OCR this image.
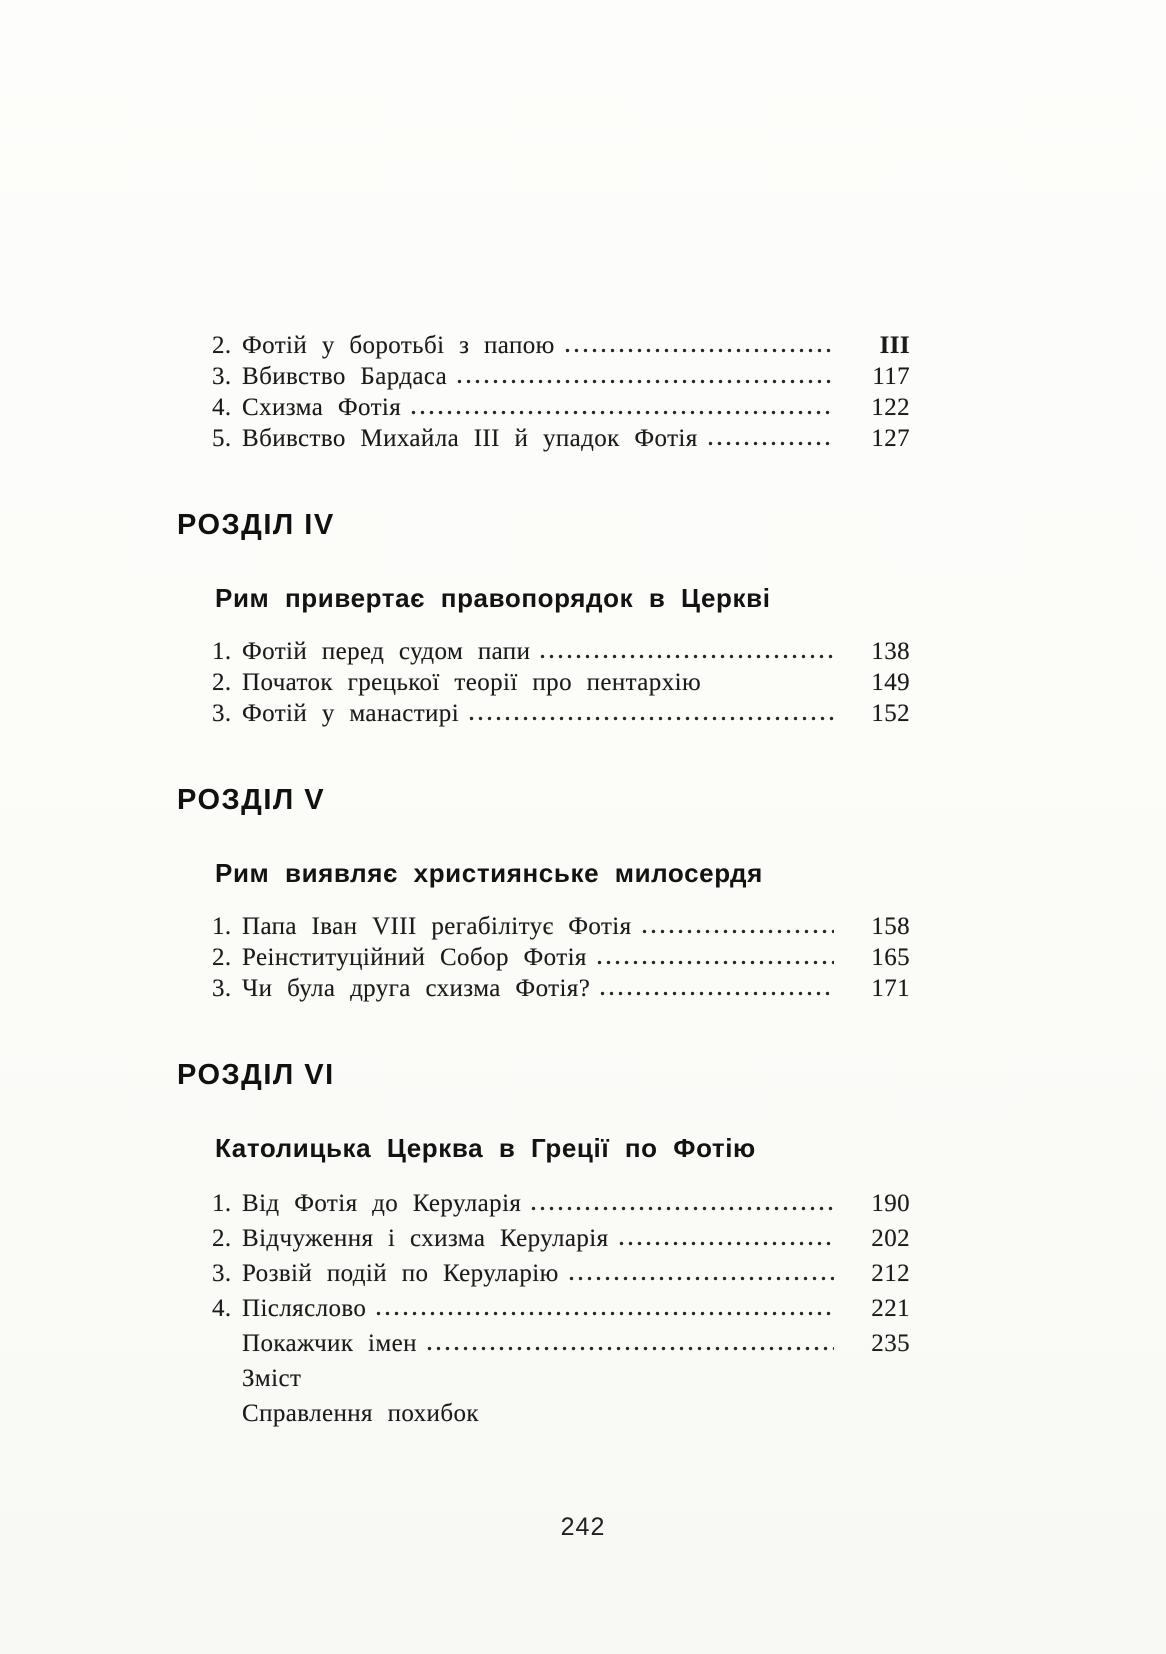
2. Фотій у боротьбі з папою	III
3. Вбивство Бардаса	117
4. Схизма Фотія	122
5. Вбивство Михайла III й упадок Фотія	127
РОЗДІЛ IV
Рим привертає правопорядок в Церкві
1. Фотій перед судом папи	138
2. Початок грецької теорії про пентархію	149
3. Фотій у манастирі	152
РОЗДІЛ V
Рим виявляє християнське милосердя
1. Папа Іван VIII регабілітує Фотія	158
2. Реінституційний Собор Фотія	165
3. Чи була друга схизма Фотія?	171
РОЗДІЛ VI
Католицька Церква в Греції по Фотію
1. Від Фотія до Керуларія	190
2. Відчуження і схизма Керуларія	202
3. Розвій подій по Керуларію	212
4. Післяслово	221
Покажчик імен	235
Зміст
Справлення похибок
242
